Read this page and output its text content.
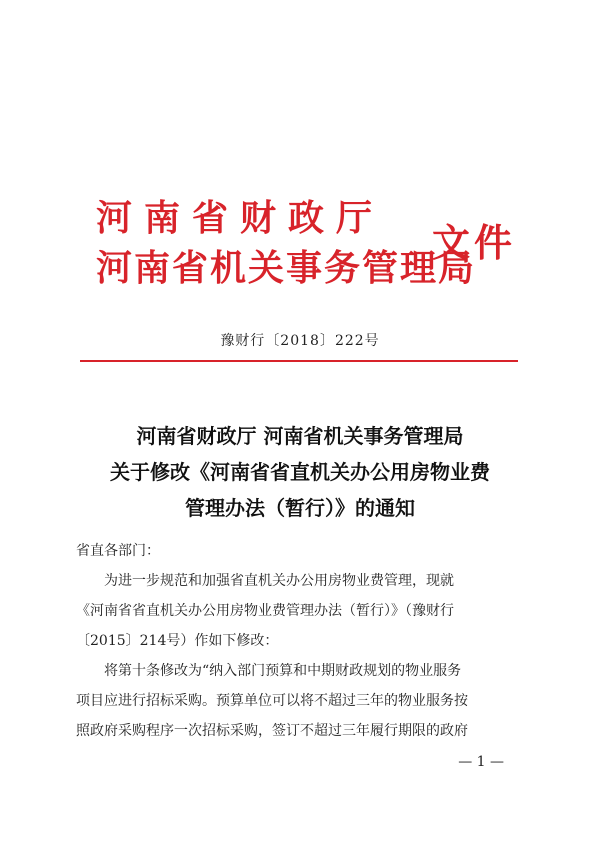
河南省财政厅
河南省机关事务管理局
文件
豫财行〔2018〕222号
河南省财政厅 河南省机关事务管理局
关于修改《河南省省直机关办公用房物业费
管理办法（暂行）》的通知

省直各部门：

为进一步规范和加强省直机关办公用房物业费管理，现就

《河南省省直机关办公用房物业费管理办法（暂行）》（豫财行

〔2015〕214号）作如下修改：

将第十条修改为“纳入部门预算和中期财政规划的物业服务

项目应进行招标采购。预算单位可以将不超过三年的物业服务按

照政府采购程序一次招标采购，签订不超过三年履行期限的政府

— 1 —
